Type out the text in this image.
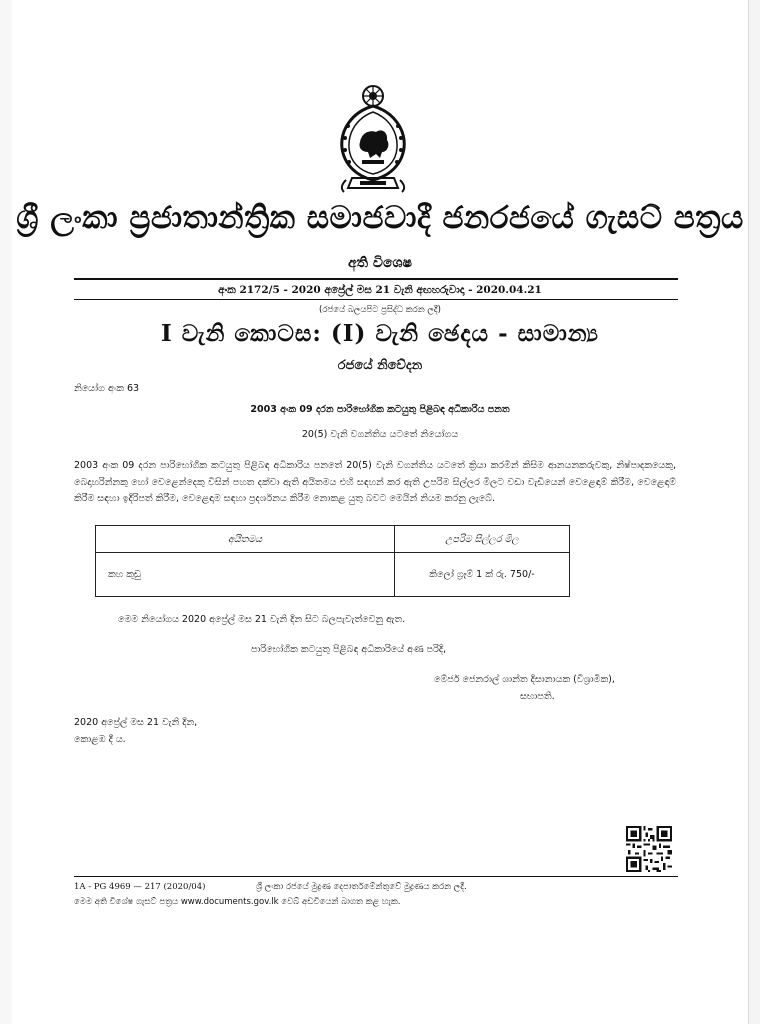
ශ්‍රී ලංකා ප්‍රජාතාන්ත්‍රික සමාජවාදී ජනරජයේ ගැසට් පත්‍රය
අති විශෙෂ
අංක 2172/5 - 2020 අප්‍රේල් මස 21 වැනි අඟහරුවාදා - 2020.04.21
(රජයේ බලයපිට ප්‍රසිද්ධ කරන ලදී)
I වැනි කොටස: (I) වැනි ඡෙදය - සාමාන්‍ය
රජයේ නිවේදන
නියෝග අංක 63
2003 අංක 09 දරන පාරිභෝගික කටයුතු පිළිබඳ අධිකාරිය පනත
20(5) වැනි වගන්තිය යටතේ නියෝගය
2003 අංක 09 දරන පාරිභෝගික කටයුතු පිළිබඳ අධිකාරිය පනතේ 20(5) වැනි වගන්තිය යටතේ ක්‍රියා කරමින් කිසිම ආනයනකරුවකු, නිෂ්පාදකයෙකු, බෙදාහරින්නකු හෝ වෙළෙන්දෙකු විසින් පහත දක්වා ඇති අයිතමය එහි සඳහන් කර ඇති උපරිම සිල්ලර මිලට වඩා වැඩියෙන් වෙළෙඳාම් කිරීම, වෙළෙඳාම් කිරීම සඳහා ඉදිරිපත් කිරීම, වෙළෙඳාම සඳහා ප්‍රදර්ශනය කිරීම නොකළ යුතු බවට මෙයින් නියම කරනු ලැබේ.
අයිතමය	උපරිම සිල්ලර මිල
කහ කුඩු	කිලෝ ග්‍රෑම් 1 ක් රු. 750/-
මෙම නියෝගය 2020 අප්‍රේල් මස 21 වැනි දින සිට බලපැවැත්වෙනු ඇත.
පාරිභෝගික කටයුතු පිළිබඳ අධිකාරියේ අණ පරිදි,
මේජර් ජෙනරාල් ශාන්ත දිසානායක (විශ්‍රාමික),
සභාපති.
2020 අප්‍රේල් මස 21 වැනි දින,
කොළඹ දී ය.
1A - PG 4969 — 217 (2020/04)	ශ්‍රී ලංකා රජයේ මුද්‍රණ දෙපාර්තමේන්තුවේ මුද්‍රණය කරන ලදී.
මෙම අති විශේෂ ගැසට් පත්‍රය www.documents.gov.lk වෙබ් අඩවියෙන් බාගත කළ හැක.
